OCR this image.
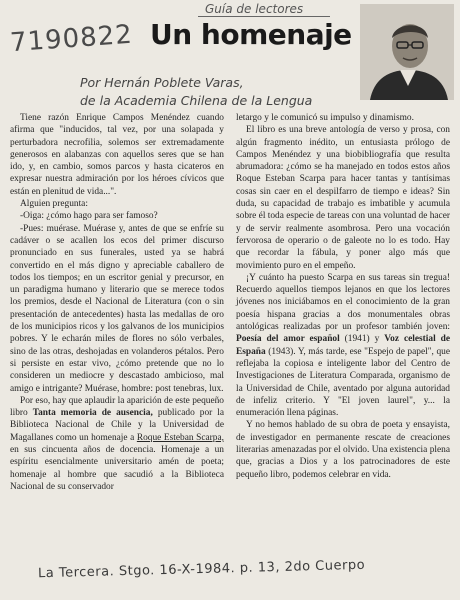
7190822
Guía de lectores
Un homenaje
Por Hernán Poblete Varas,
de la Academia Chilena de la Lengua

Tiene razón Enrique Campos Menéndez cuando afirma que "inducidos, tal vez, por una solapada y perturbadora necrofilia, solemos ser extremadamente generosos en alabanzas con aquellos seres que se han ido, y, en cambio, somos parcos y hasta cicateros en expresar nuestra admiración por los héroes cívicos que están en plenitud de vida...".

Alguien pregunta:

-Oiga: ¿cómo hago para ser famoso?

-Pues: muérase. Muérase y, antes de que se enfríe su cadáver o se acallen los ecos del primer discurso pronunciado en sus funerales, usted ya se habrá convertido en el más digno y apreciable caballero de todos los tiempos; en un escritor genial y precursor, en un paradigma humano y literario que se merece todos los premios, desde el Nacional de Literatura (con o sin presentación de antecedentes) hasta las medallas de oro de los municipios ricos y los galvanos de los municipios pobres. Y le echarán miles de flores no sólo verbales, sino de las otras, deshojadas en volanderos pétalos. Pero si persiste en estar vivo, ¿cómo pretende que no lo consideren un mediocre y descastado ambicioso, mal amigo e intrigante? Muérase, hombre: post tenebras, lux.

Por eso, hay que aplaudir la aparición de este pequeño libro Tanta memoria de ausencia, publicado por la Biblioteca Nacional de Chile y la Universidad de Magallanes como un homenaje a Roque Esteban Scarpa, en sus cincuenta años de docencia. Homenaje a un espíritu esencialmente universitario amén de poeta; homenaje al hombre que sacudió a la Biblioteca Nacional de su conservador

letargo y le comunicó su impulso y dinamismo.

El libro es una breve antología de verso y prosa, con algún fragmento inédito, un entusiasta prólogo de Campos Menéndez y una biobibliografía que resulta abrumadora: ¿cómo se ha manejado en todos estos años Roque Esteban Scarpa para hacer tantas y tantísimas cosas sin caer en el despilfarro de tiempo e ideas? Sin duda, su capacidad de trabajo es imbatible y acumula sobre él toda especie de tareas con una voluntad de hacer y de servir realmente asombrosa. Pero una vocación fervorosa de operario o de galeote no lo es todo. Hay que recordar la fábula, y poner algo más que movimiento puro en el empeño.

¡Y cuánto ha puesto Scarpa en sus tareas sin tregua! Recuerdo aquellos tiempos lejanos en que los lectores jóvenes nos iniciábamos en el conocimiento de la gran poesía hispana gracias a dos monumentales obras antológicas realizadas por un profesor también joven: Poesía del amor español (1941) y Voz celestial de España (1943). Y, más tarde, ese "Espejo de papel", que reflejaba la copiosa e inteligente labor del Centro de Investigaciones de Literatura Comparada, organismo de la Universidad de Chile, aventado por alguna autoridad de infeliz criterio. Y "El joven laurel", y... la enumeración llena páginas.

Y no hemos hablado de su obra de poeta y ensayista, de investigador en permanente rescate de creaciones literarias amenazadas por el olvido. Una existencia plena que, gracias a Dios y a los patrocinadores de este pequeño libro, podemos celebrar en vida.

La Tercera. Stgo. 16-X-1984. p. 13, 2do Cuerpo
